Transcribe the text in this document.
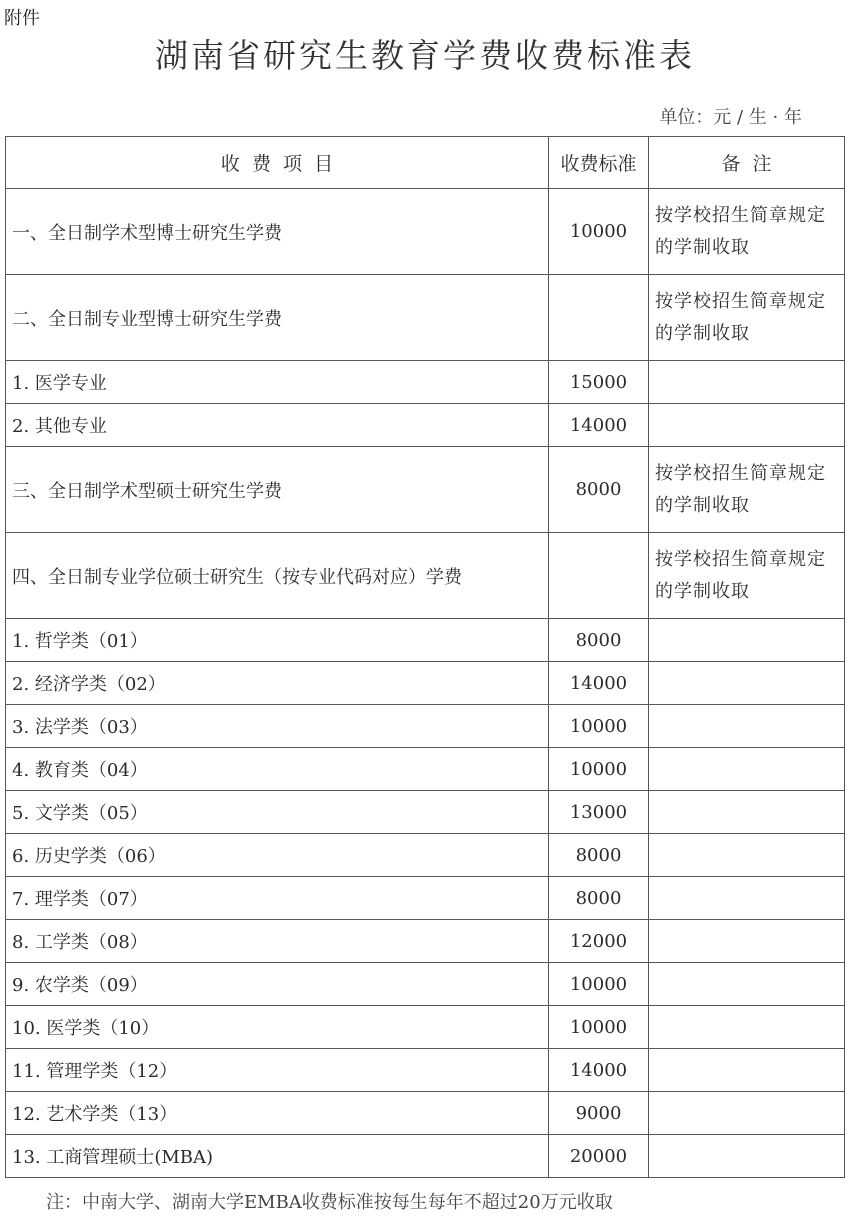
附件
湖南省研究生教育学费收费标准表
单位：元 / 生 · 年
收  费  项  目	收费标准	备  注
一、全日制学术型博士研究生学费	10000	按学校招生简章规定的学制收取

二、全日制专业型博士研究生学费		按学校招生简章规定的学制收取

1. 医学专业	15000	

2. 其他专业	14000	

三、全日制学术型硕士研究生学费	8000	按学校招生简章规定的学制收取

四、全日制专业学位硕士研究生（按专业代码对应）学费		按学校招生简章规定的学制收取

1. 哲学类（01）	8000	

2. 经济学类（02）	14000	

3. 法学类（03）	10000	

4. 教育类（04）	10000	

5. 文学类（05）	13000	

6. 历史学类（06）	8000	

7. 理学类（07）	8000	

8. 工学类（08）	12000	

9. 农学类（09）	10000	

10. 医学类（10）	10000	

11. 管理学类（12）	14000	

12. 艺术学类（13）	9000	

13. 工商管理硕士(MBA)	20000	
注：中南大学、湖南大学EMBA收费标准按每生每年不超过20万元收取
